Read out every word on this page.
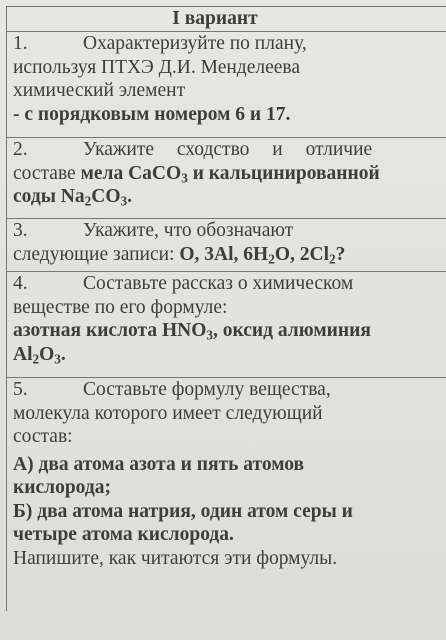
I вариант
1.	Охарактеризуйте по плану,
используя ПТХЭ Д.И. Менделеева
химический элемент
- с порядковым номером 6 и 17.
2.	Укажите сходство и отличие
составе мела CaCO$_3$ и кальцинированной
соды $Na_2CO_3$.
3.	Укажите, что обозначают
следующие записи: O, 3Al, $6H_2O$, $2Cl_2$?
4.	Составьте рассказ о химическом
веществе по его формуле:
азотная кислота $HNO_3$, оксид алюминия
$Al_2O_3$.
5.	Составьте формулу вещества,
молекула которого имеет следующий
состав:
А) два атома азота и пять атомов
кислорода;
Б) два атома натрия, один атом серы и
четыре атома кислорода.
Напишите, как читаются эти формулы.
